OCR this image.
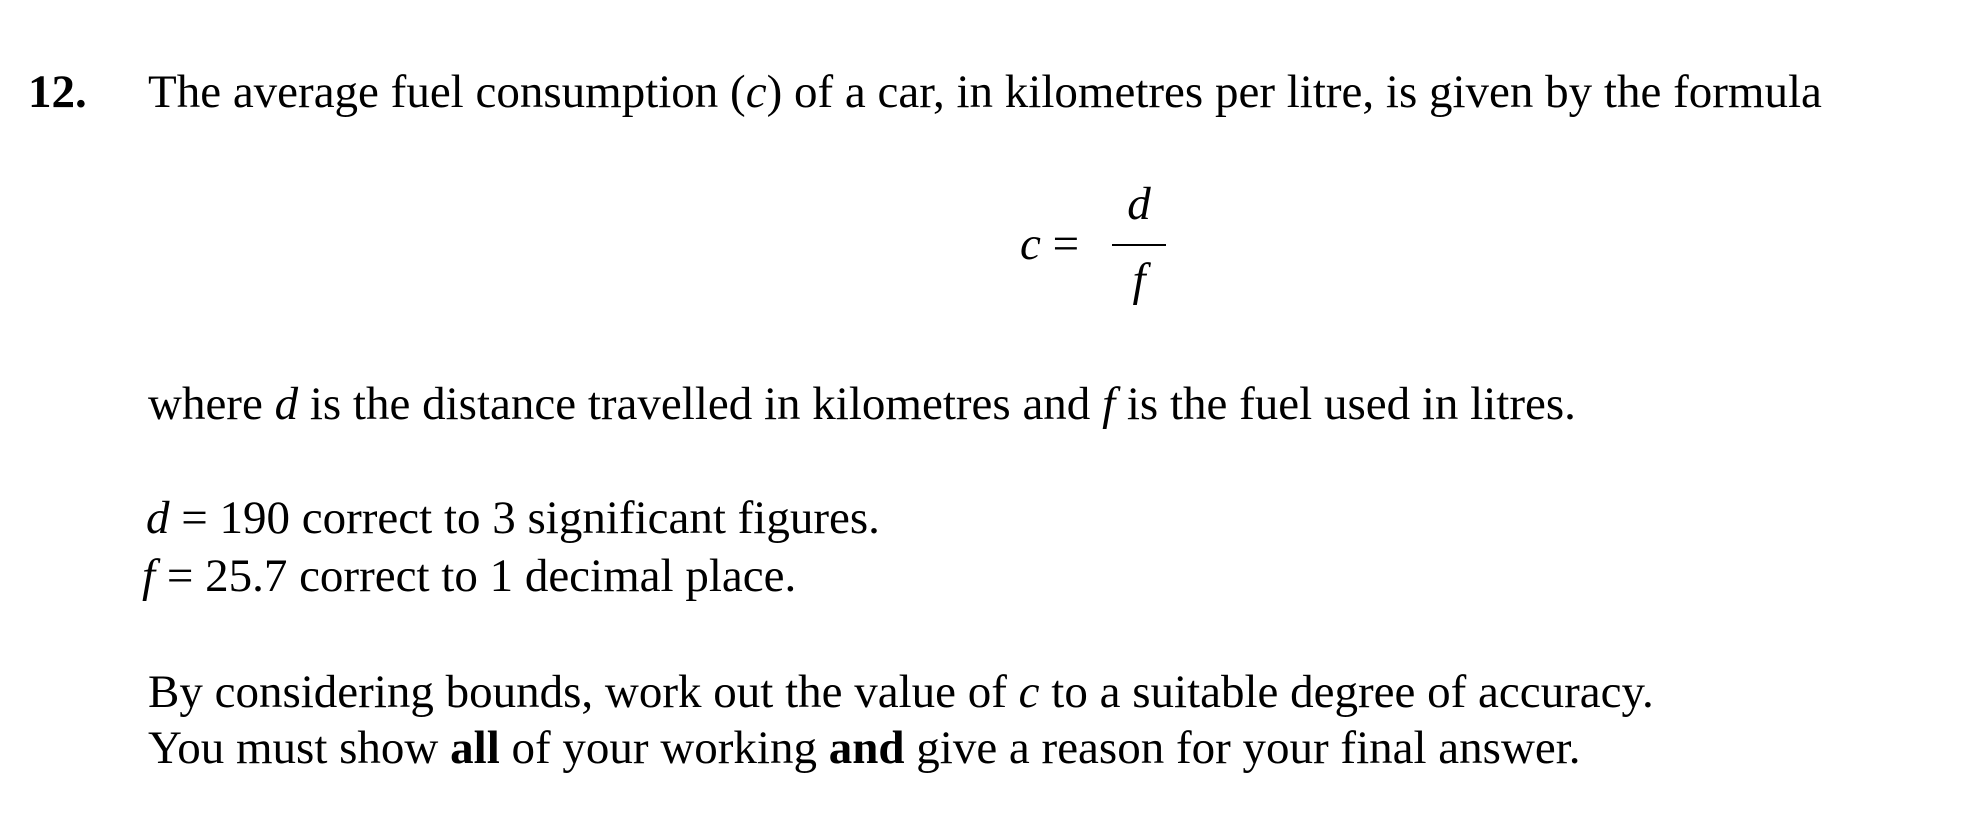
12. The average fuel consumption (c) of a car, in kilometres per litre, is given by the formula
c =
d
f
where d is the distance travelled in kilometres and f is the fuel used in litres.
d = 190 correct to 3 significant figures.
f = 25.7 correct to 1 decimal place.
By considering bounds, work out the value of c to a suitable degree of accuracy.
You must show all of your working and give a reason for your final answer.
